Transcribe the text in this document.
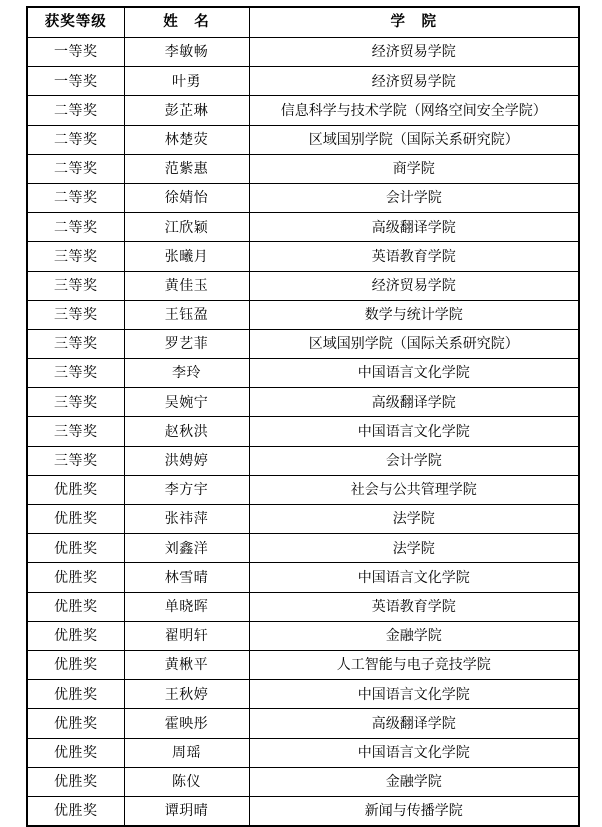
获奖等级	姓　名	学　院
一等奖	李敏畅	经济贸易学院
一等奖	叶勇	经济贸易学院
二等奖	彭芷琳	信息科学与技术学院（网络空间安全学院）
二等奖	林楚荧	区域国别学院（国际关系研究院）
二等奖	范紫惠	商学院
二等奖	徐婧怡	会计学院
二等奖	江欣颖	高级翻译学院
三等奖	张曦月	英语教育学院
三等奖	黄佳玉	经济贸易学院
三等奖	王钰盈	数学与统计学院
三等奖	罗艺菲	区域国别学院（国际关系研究院）
三等奖	李玲	中国语言文化学院
三等奖	吴婉宁	高级翻译学院
三等奖	赵秋洪	中国语言文化学院
三等奖	洪娉婷	会计学院
优胜奖	李方宇	社会与公共管理学院
优胜奖	张祎萍	法学院
优胜奖	刘鑫洋	法学院
优胜奖	林雪晴	中国语言文化学院
优胜奖	单晓晖	英语教育学院
优胜奖	翟明轩	金融学院
优胜奖	黄楸平	人工智能与电子竞技学院
优胜奖	王秋婷	中国语言文化学院
优胜奖	霍映彤	高级翻译学院
优胜奖	周瑶	中国语言文化学院
优胜奖	陈仪	金融学院
优胜奖	谭玥晴	新闻与传播学院
